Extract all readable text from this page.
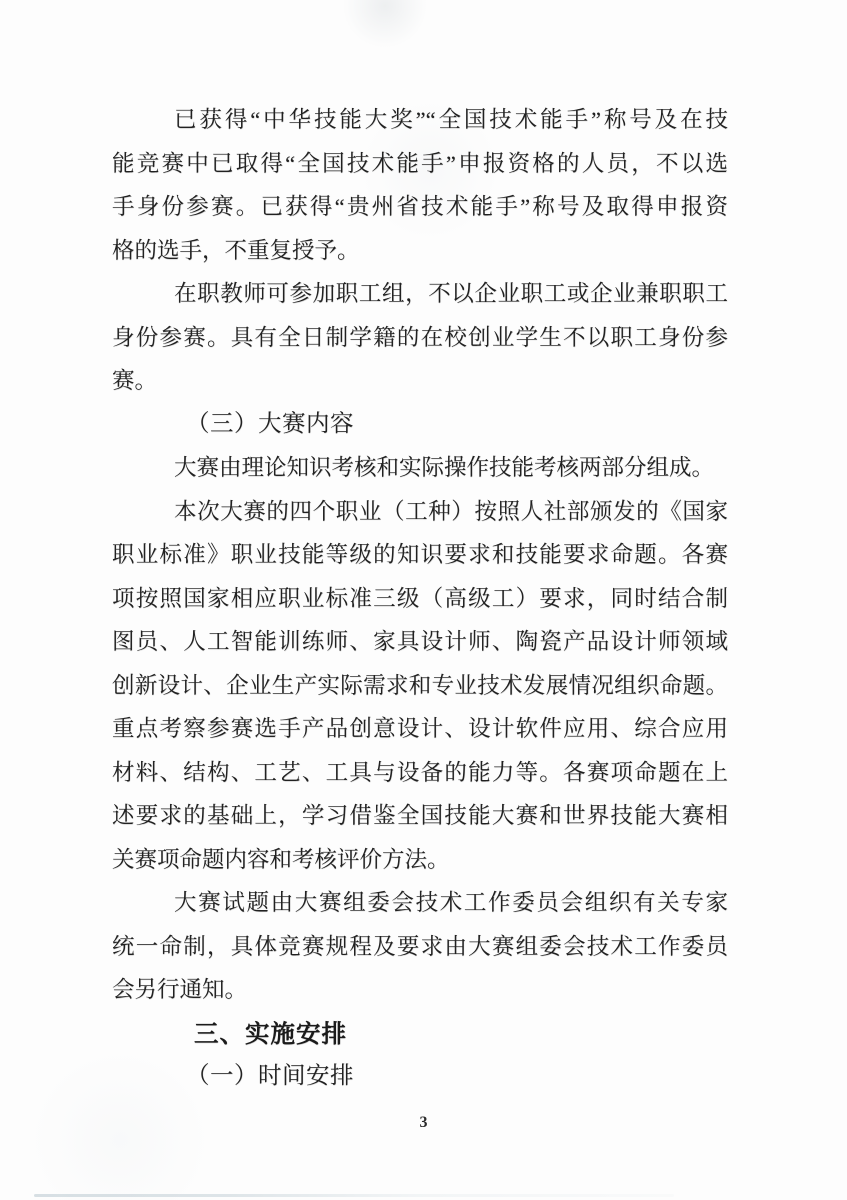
已获得“中华技能大奖”“全国技术能手”称号及在技
能竞赛中已取得“全国技术能手”申报资格的人员，不以选
手身份参赛。已获得“贵州省技术能手”称号及取得申报资
格的选手，不重复授予。
在职教师可参加职工组，不以企业职工或企业兼职职工
身份参赛。具有全日制学籍的在校创业学生不以职工身份参
赛。
（三）大赛内容
大赛由理论知识考核和实际操作技能考核两部分组成。
本次大赛的四个职业（工种）按照人社部颁发的《国家
职业标准》职业技能等级的知识要求和技能要求命题。各赛
项按照国家相应职业标准三级（高级工）要求，同时结合制
图员、人工智能训练师、家具设计师、陶瓷产品设计师领域
创新设计、企业生产实际需求和专业技术发展情况组织命题。
重点考察参赛选手产品创意设计、设计软件应用、综合应用
材料、结构、工艺、工具与设备的能力等。各赛项命题在上
述要求的基础上，学习借鉴全国技能大赛和世界技能大赛相
关赛项命题内容和考核评价方法。
大赛试题由大赛组委会技术工作委员会组织有关专家
统一命制，具体竞赛规程及要求由大赛组委会技术工作委员
会另行通知。
三、实施安排
（一）时间安排
3
